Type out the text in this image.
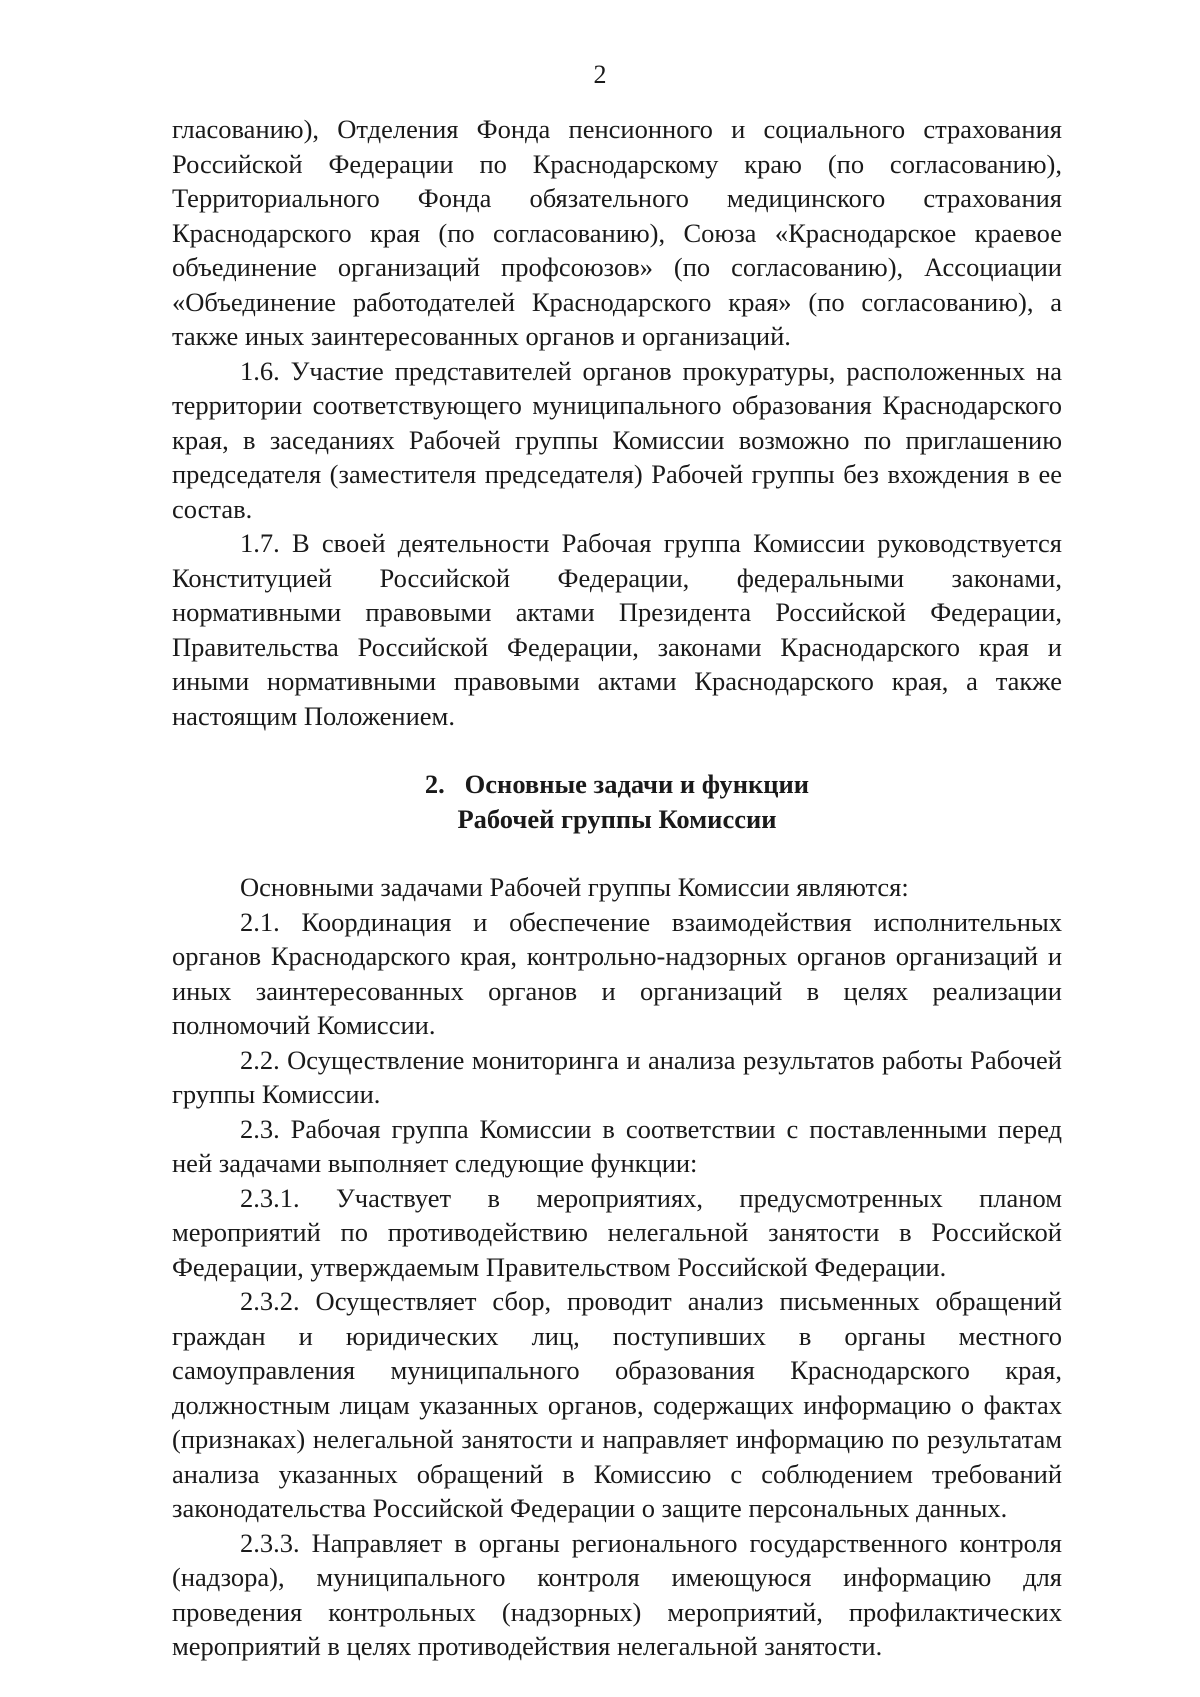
2

гласованию), Отделения Фонда пенсионного и социального страхования Российской Федерации по Краснодарскому краю (по согласованию), Территориального Фонда обязательного медицинского страхования Краснодарского края (по согласованию), Союза «Краснодарское краевое объединение организаций профсоюзов» (по согласованию), Ассоциации «Объединение работодателей Краснодарского края» (по согласованию), а также иных заинтересованных органов и организаций.

1.6. Участие представителей органов прокуратуры, расположенных на территории соответствующего муниципального образования Краснодарского края, в заседаниях Рабочей группы Комиссии возможно по приглашению председателя (заместителя председателя) Рабочей группы без вхождения в ее состав.

1.7. В своей деятельности Рабочая группа Комиссии руководствуется Конституцией Российской Федерации, федеральными законами, нормативными правовыми актами Президента Российской Федерации, Правительства Российской Федерации, законами Краснодарского края и иными нормативными правовыми актами Краснодарского края, а также настоящим Положением.

2.   Основные задачи и функции

Рабочей группы Комиссии

Основными задачами Рабочей группы Комиссии являются:

2.1. Координация и обеспечение взаимодействия исполнительных органов Краснодарского края, контрольно-надзорных органов организаций и иных заинтересованных органов и организаций в целях реализации полномочий Комиссии.

2.2. Осуществление мониторинга и анализа результатов работы Рабочей группы Комиссии.

2.3. Рабочая группа Комиссии в соответствии с поставленными перед ней задачами выполняет следующие функции:

2.3.1. Участвует в мероприятиях, предусмотренных планом мероприятий по противодействию нелегальной занятости в Российской Федерации, утверждаемым Правительством Российской Федерации.

2.3.2. Осуществляет сбор, проводит анализ письменных обращений граждан и юридических лиц, поступивших в органы местного самоуправления муниципального образования Краснодарского края, должностным лицам указанных органов, содержащих информацию о фактах (признаках) нелегальной занятости и направляет информацию по результатам анализа указанных обращений в Комиссию с соблюдением требований законодательства Российской Федерации о защите персональных данных.

2.3.3. Направляет в органы регионального государственного контроля (надзора), муниципального контроля имеющуюся информацию для проведения контрольных (надзорных) мероприятий, профилактических мероприятий в целях противодействия нелегальной занятости.
